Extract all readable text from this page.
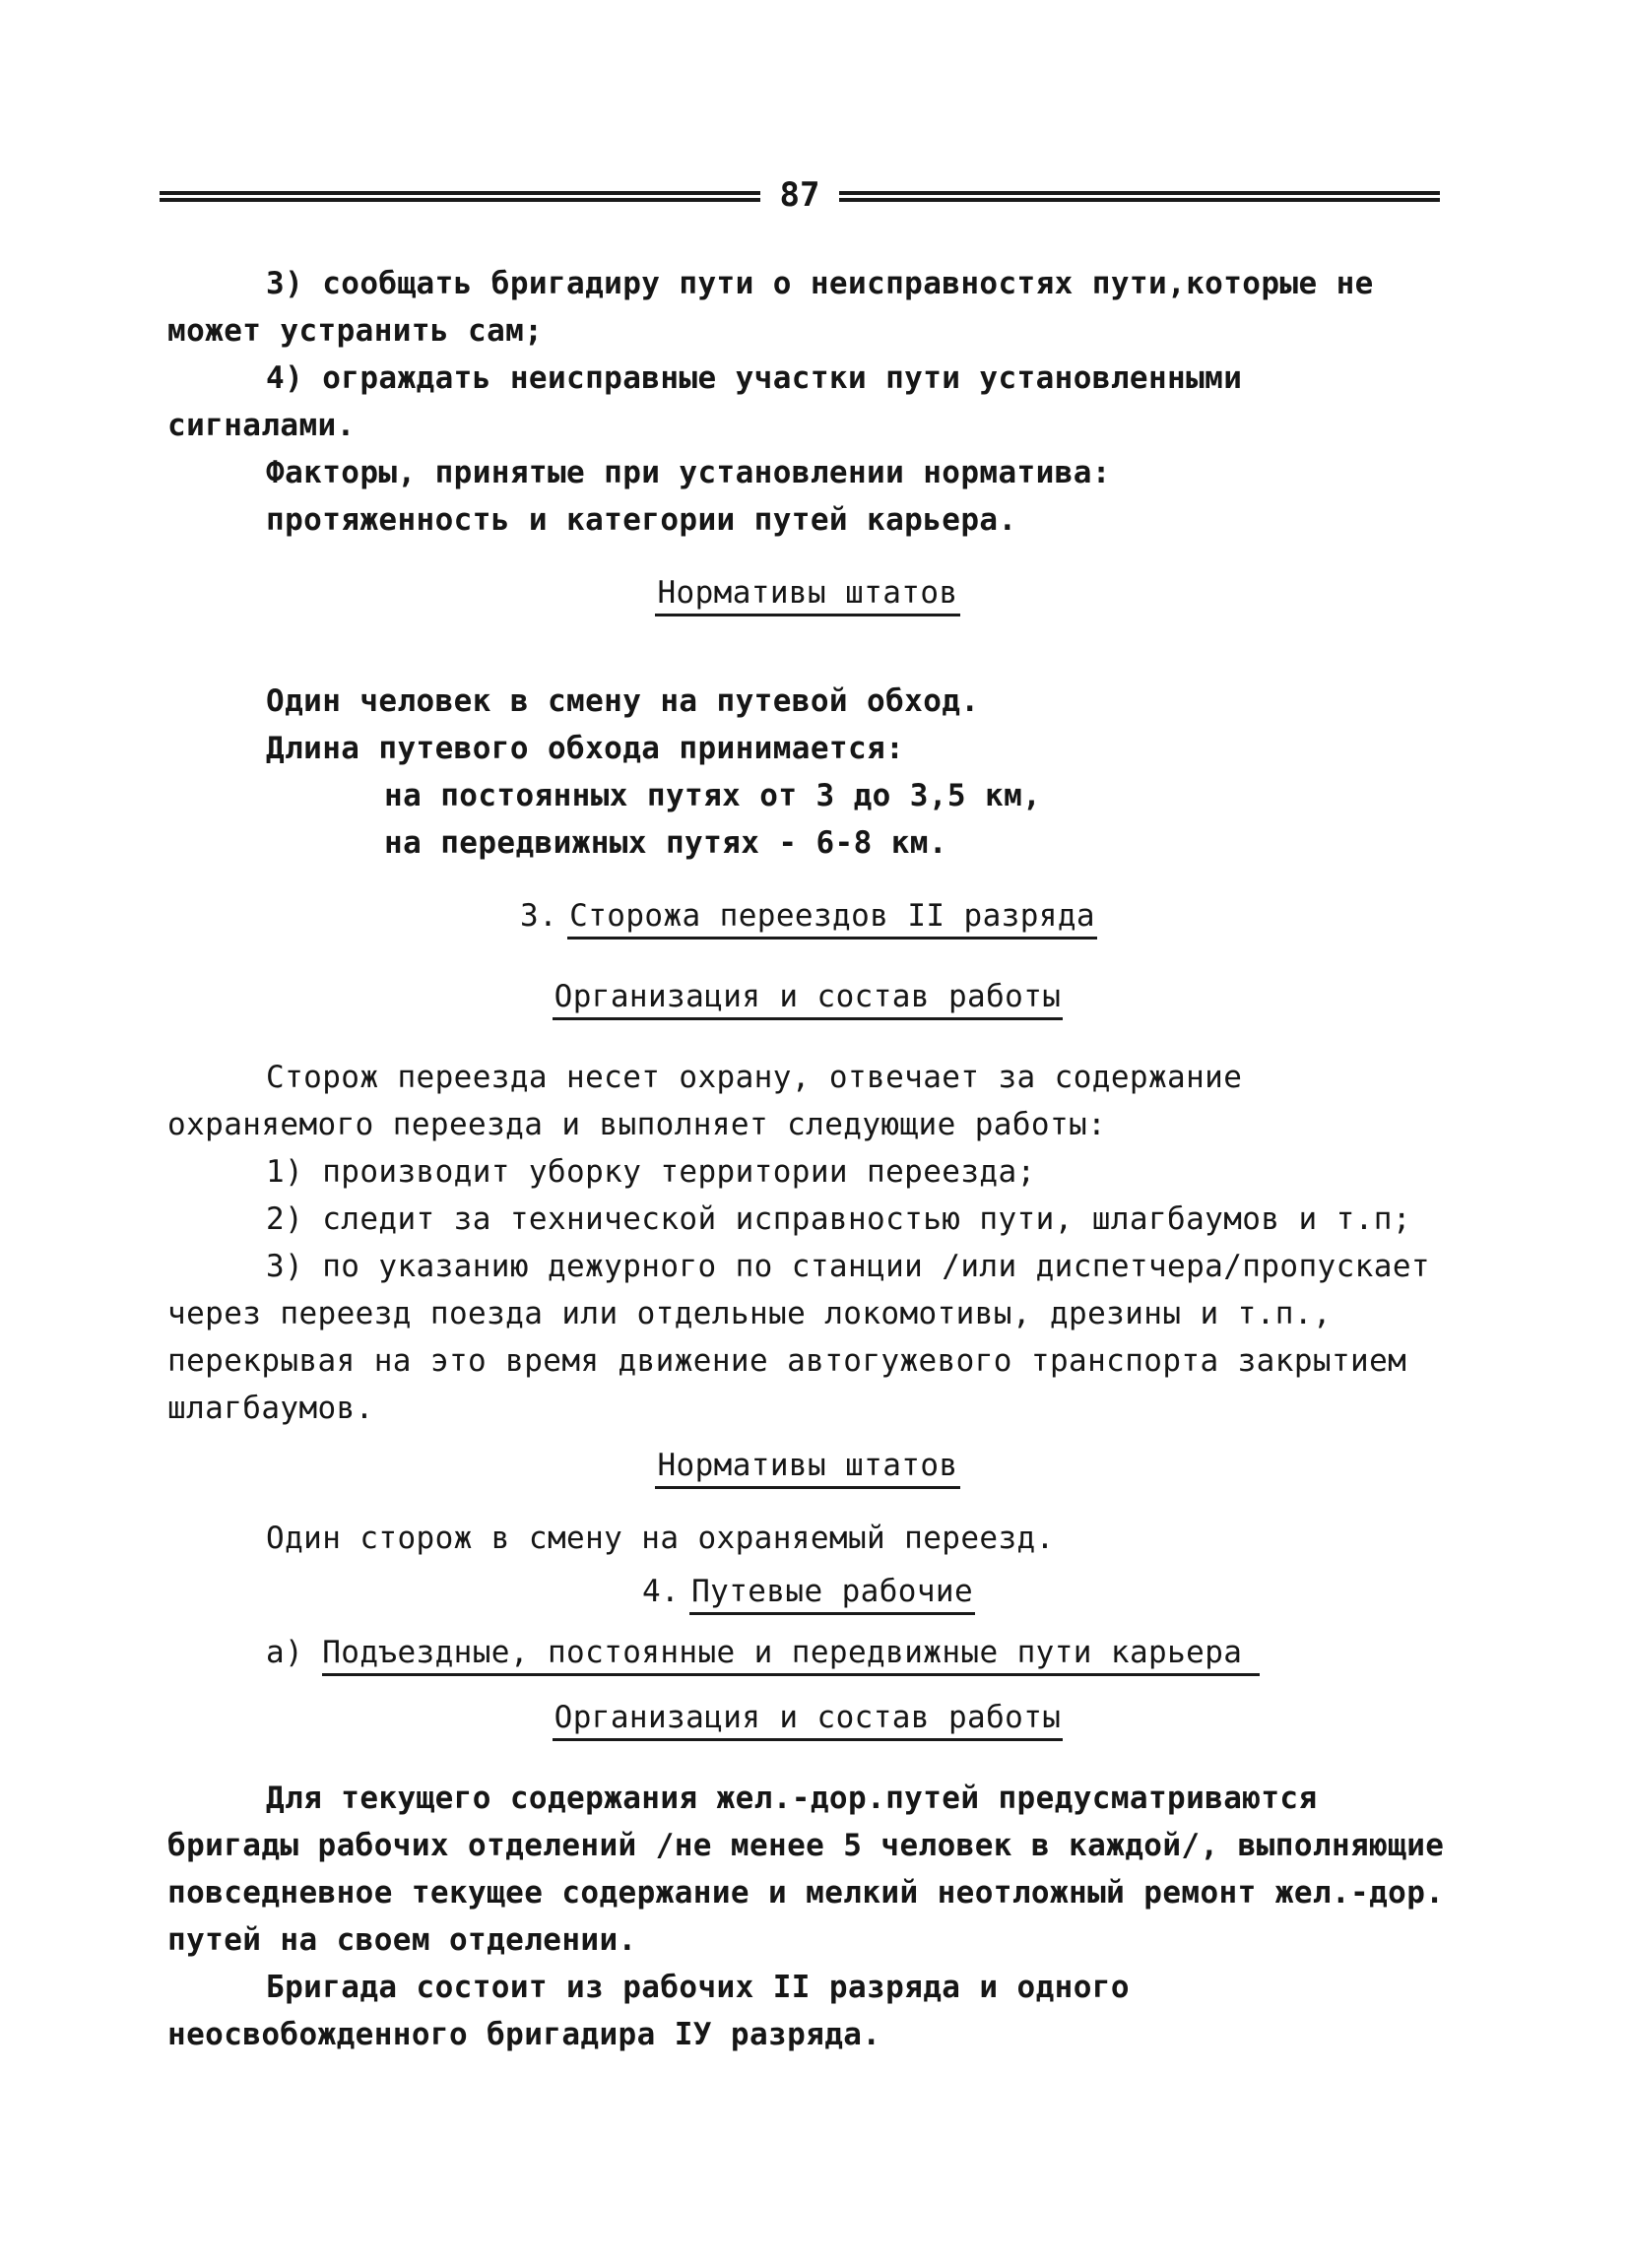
87

3) сообщать бригадиру пути о неисправностях пути,которые не может устранить сам;

4) ограждать неисправные участки пути установленными сигналами.

Факторы, принятые при установлении норматива:

протяженность и категории путей карьера.

Нормативы штатов

Один человек в смену на путевой обход.

Длина путевого обхода принимается:

на постоянных путях от 3 до 3,5 км,

на передвижных путях - 6-8 км.

3. Сторожа переездов II разряда

Организация и состав работы

Сторож переезда несет охрану, отвечает за содержание охраняемого переезда и выполняет следующие работы:

1) производит уборку территории переезда;

2) следит за технической исправностью пути, шлагбаумов и т.п;

3) по указанию дежурного по станции /или диспетчера/пропускает через переезд поезда или отдельные локомотивы, дрезины и т.п., перекрывая на это время движение автогужевого транспорта закрытием шлагбаумов.

Нормативы штатов

Один сторож в смену на охраняемый переезд.

4. Путевые рабочие

а) Подъездные, постоянные и передвижные пути карьера

Организация и состав работы

Для текущего содержания жел.-дор.путей предусматриваются бригады рабочих отделений /не менее 5 человек в каждой/, выполняющие повседневное текущее содержание и мелкий неотложный ремонт жел.-дор. путей на своем отделении.

Бригада состоит из рабочих II разряда и одного неосвобожденного бригадира IУ разряда.
